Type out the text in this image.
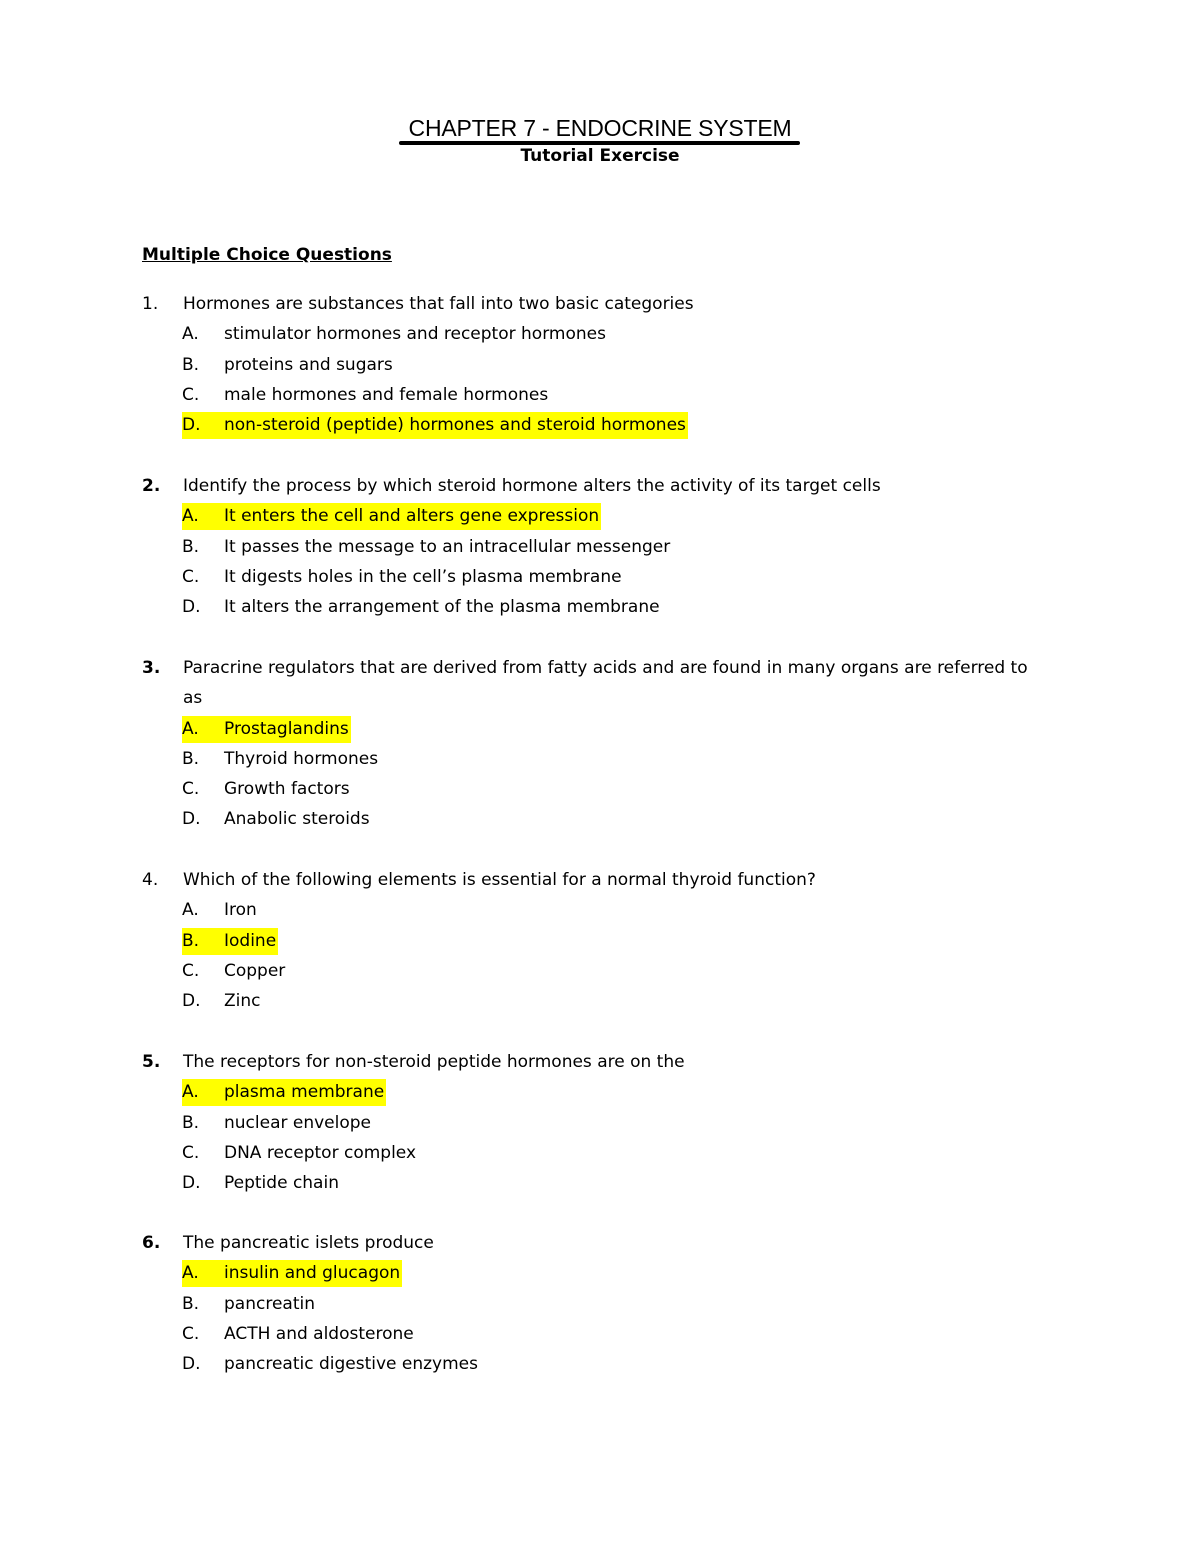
CHAPTER 7 - ENDOCRINE SYSTEM
Tutorial Exercise
Multiple Choice Questions
1. Hormones are substances that fall into two basic categories
A. stimulator hormones and receptor hormones
B. proteins and sugars
C. male hormones and female hormones
D. non-steroid (peptide) hormones and steroid hormones
2. Identify the process by which steroid hormone alters the activity of its target cells
A. It enters the cell and alters gene expression
B. It passes the message to an intracellular messenger
C. It digests holes in the cell’s plasma membrane
D. It alters the arrangement of the plasma membrane
3. Paracrine regulators that are derived from fatty acids and are found in many organs are referred to
as
A. Prostaglandins
B. Thyroid hormones
C. Growth factors
D. Anabolic steroids
4. Which of the following elements is essential for a normal thyroid function?
A. Iron
B. Iodine
C. Copper
D. Zinc
5. The receptors for non-steroid peptide hormones are on the
A. plasma membrane
B. nuclear envelope
C. DNA receptor complex
D. Peptide chain
6. The pancreatic islets produce
A. insulin and glucagon
B. pancreatin
C. ACTH and aldosterone
D. pancreatic digestive enzymes
